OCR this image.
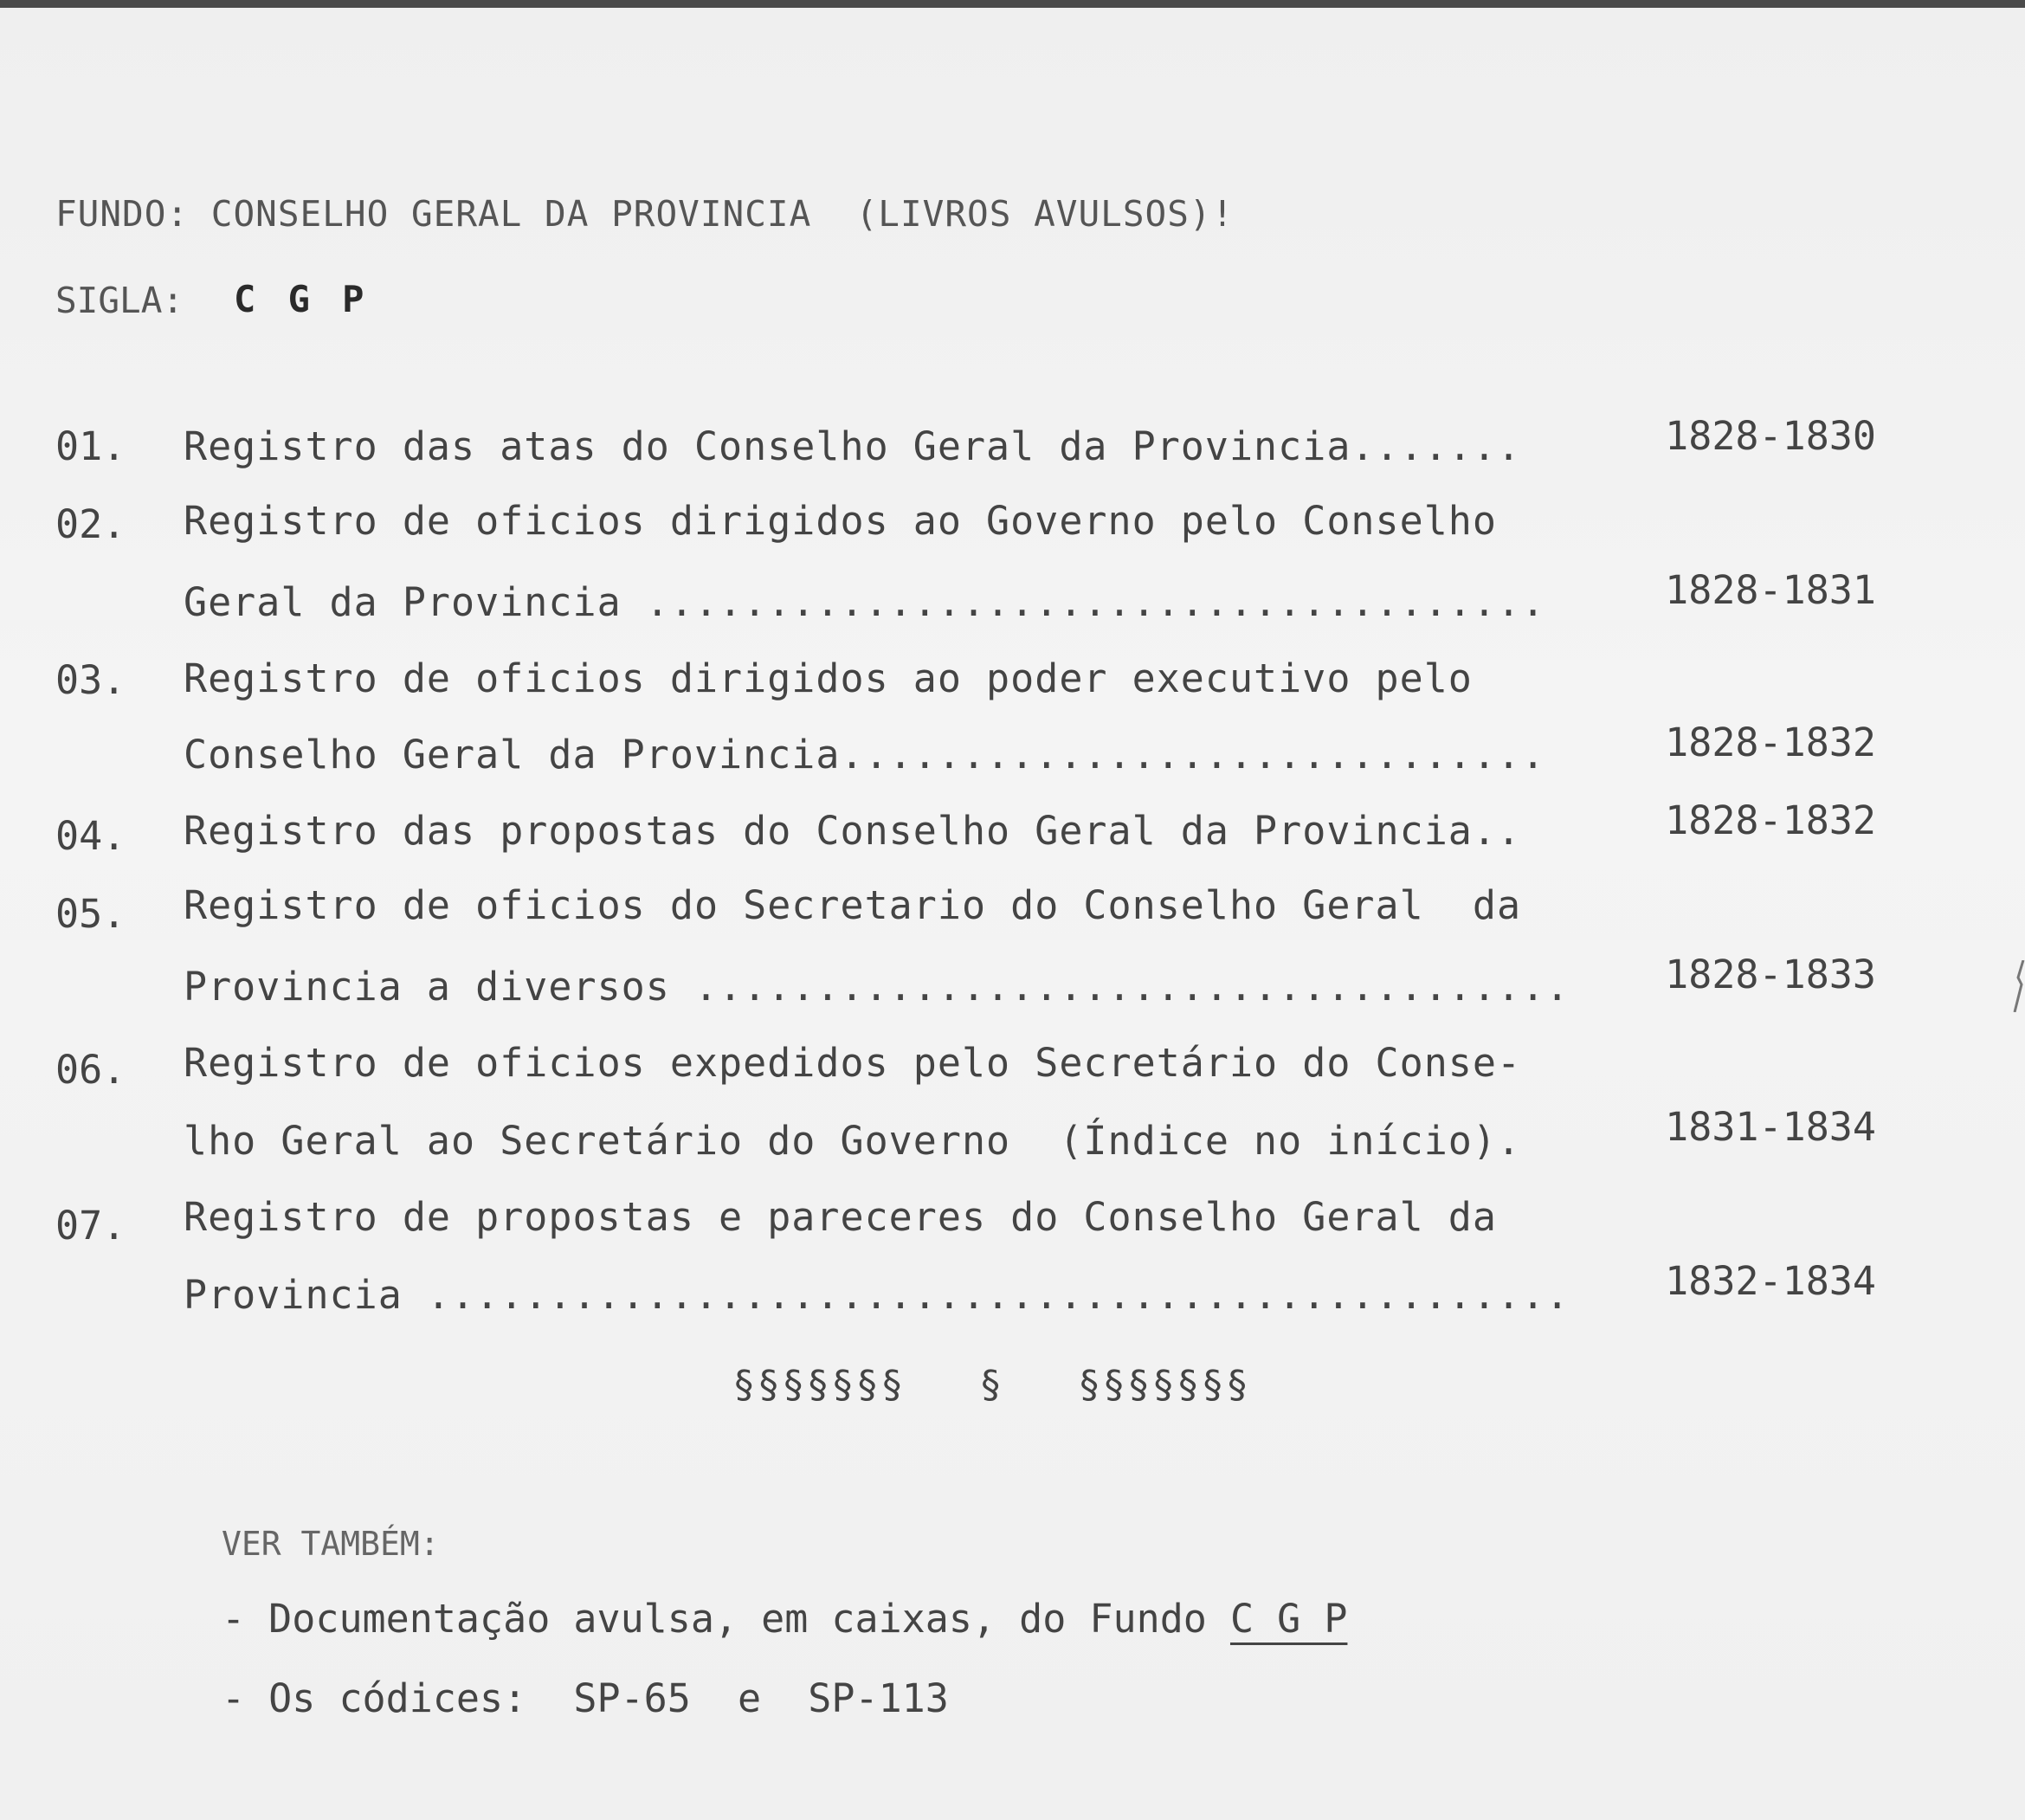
FUNDO: CONSELHO GERAL DA PROVINCIA  (LIVROS AVULSOS)!
SIGLA: C G P
01. Registro das atas do Conselho Geral da Provincia.......	1828-1830
02. Registro de oficios dirigidos ao Governo pelo Conselho
Geral da Provincia .....................................	1828-1831
03. Registro de oficios dirigidos ao poder executivo pelo
Conselho Geral da Provincia.............................	1828-1832
04. Registro das propostas do Conselho Geral da Provincia..	1828-1832
05. Registro de oficios do Secretario do Conselho Geral  da
Provincia a diversos .................................... 1828-1833
06. Registro de oficios expedidos pelo Secretário do Conse-
lho Geral ao Secretário do Governo  (Índice no início).	1831-1834
07. Registro de propostas e pareceres do Conselho Geral da
Provincia ............................................... 1832-1834
§§§§§§§   §   §§§§§§§
VER TAMBÉM:
- Documentação avulsa, em caixas, do Fundo C G P
- Os códices:  SP-65  e  SP-113
